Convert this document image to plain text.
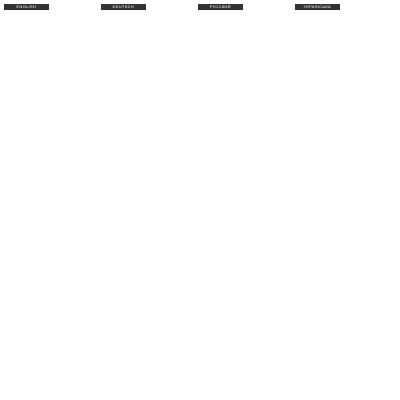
ENGLISH	DEUTSCH	РУССКИЙ	УКРАЇНСЬКА
